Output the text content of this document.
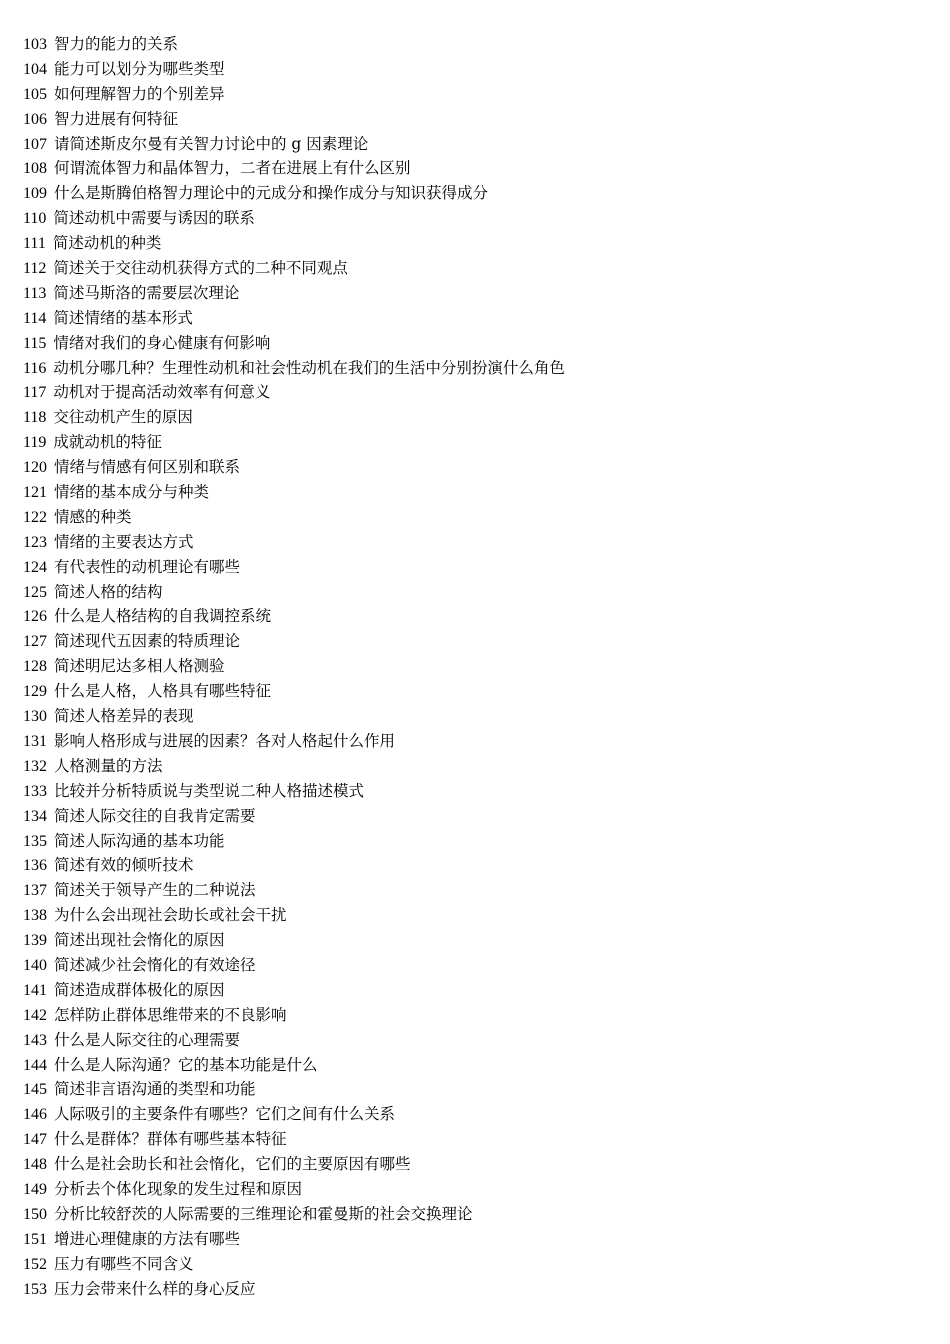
103 智力的能力的关系
104 能力可以划分为哪些类型
105 如何理解智力的个别差异
106 智力进展有何特征
107 请简述斯皮尔曼有关智力讨论中的 g 因素理论
108 何谓流体智力和晶体智力，二者在进展上有什么区别
109 什么是斯腾伯格智力理论中的元成分和操作成分与知识获得成分
110 简述动机中需要与诱因的联系
111 简述动机的种类
112 简述关于交往动机获得方式的二种不同观点
113 简述马斯洛的需要层次理论
114 简述情绪的基本形式
115 情绪对我们的身心健康有何影响
116 动机分哪几种？生理性动机和社会性动机在我们的生活中分别扮演什么角色
117 动机对于提高活动效率有何意义
118 交往动机产生的原因
119 成就动机的特征
120 情绪与情感有何区别和联系
121 情绪的基本成分与种类
122 情感的种类
123 情绪的主要表达方式
124 有代表性的动机理论有哪些
125 简述人格的结构
126 什么是人格结构的自我调控系统
127 简述现代五因素的特质理论
128 简述明尼达多相人格测验
129 什么是人格，人格具有哪些特征
130 简述人格差异的表现
131 影响人格形成与进展的因素？各对人格起什么作用
132 人格测量的方法
133 比较并分析特质说与类型说二种人格描述模式
134 简述人际交往的自我肯定需要
135 简述人际沟通的基本功能
136 简述有效的倾听技术
137 简述关于领导产生的二种说法
138 为什么会出现社会助长或社会干扰
139 简述出现社会惰化的原因
140 简述减少社会惰化的有效途径
141 简述造成群体极化的原因
142 怎样防止群体思维带来的不良影响
143 什么是人际交往的心理需要
144 什么是人际沟通？它的基本功能是什么
145 简述非言语沟通的类型和功能
146 人际吸引的主要条件有哪些？它们之间有什么关系
147 什么是群体？群体有哪些基本特征
148 什么是社会助长和社会惰化，它们的主要原因有哪些
149 分析去个体化现象的发生过程和原因
150 分析比较舒茨的人际需要的三维理论和霍曼斯的社会交换理论
151 增进心理健康的方法有哪些
152 压力有哪些不同含义
153 压力会带来什么样的身心反应
